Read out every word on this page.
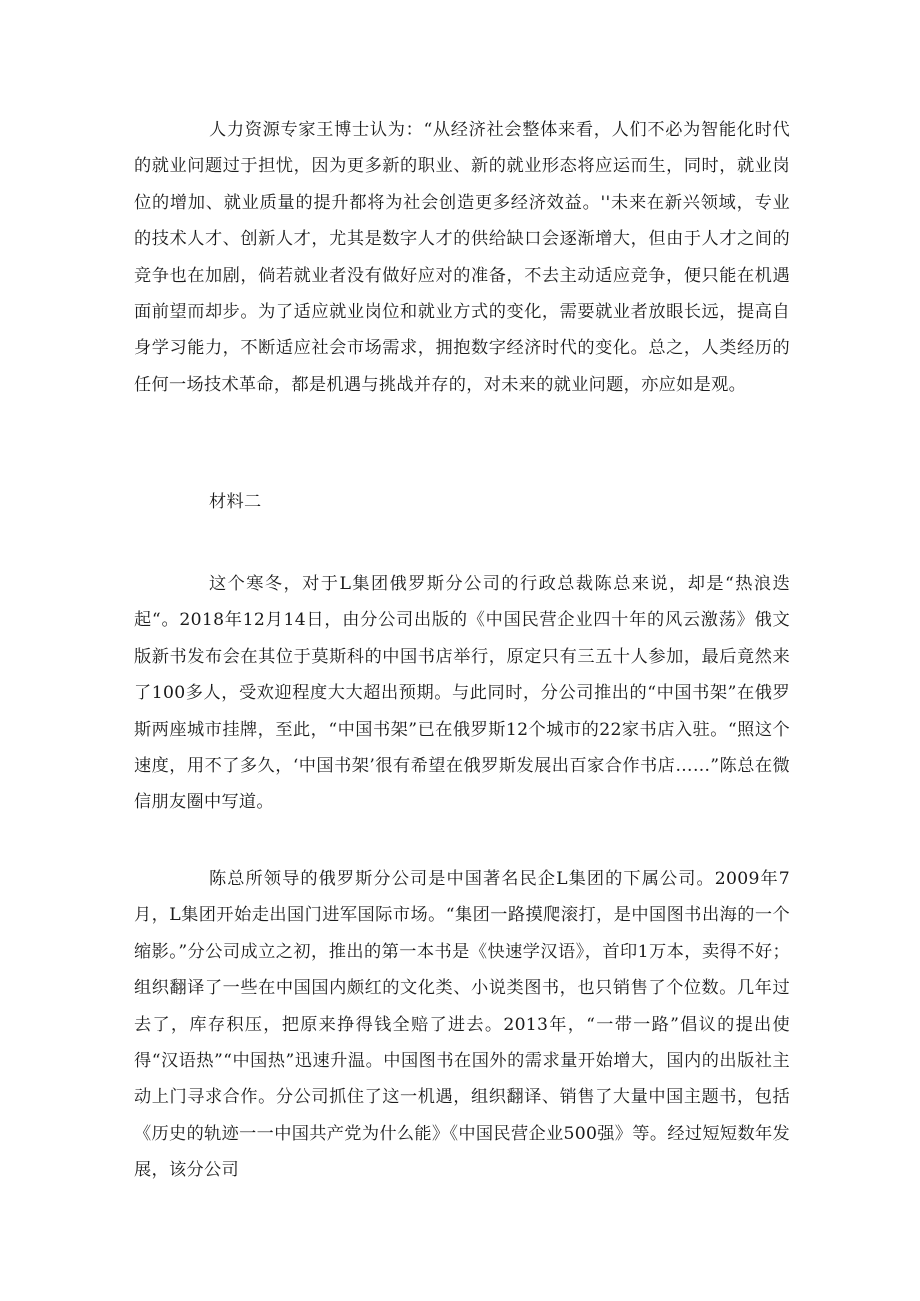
人力资源专家王博士认为：“从经济社会整体来看，人们不必为智能化时代的就业问题过于担忧，因为更多新的职业、新的就业形态将应运而生，同时，就业岗位的增加、就业质量的提升都将为社会创造更多经济效益。''未来在新兴领域，专业的技术人才、创新人才，尤其是数字人才的供给缺口会逐渐增大，但由于人才之间的竞争也在加剧，倘若就业者没有做好应对的准备，不去主动适应竞争，便只能在机遇面前望而却步。为了适应就业岗位和就业方式的变化，需要就业者放眼长远，提高自身学习能力，不断适应社会市场需求，拥抱数字经济时代的变化。总之，人类经历的任何一场技术革命，都是机遇与挑战并存的，对未来的就业问题，亦应如是观。

材料二

这个寒冬，对于L集团俄罗斯分公司的行政总裁陈总来说，却是“热浪迭起“。2018年12月14日，由分公司出版的《中国民营企业四十年的风云激荡》俄文版新书发布会在其位于莫斯科的中国书店举行，原定只有三五十人参加，最后竟然来了100多人，受欢迎程度大大超出预期。与此同时，分公司推出的“中国书架”在俄罗斯两座城市挂牌，至此，“中国书架”已在俄罗斯12个城市的22家书店入驻。“照这个速度，用不了多久，‘中国书架’很有希望在俄罗斯发展出百家合作书店……”陈总在微信朋友圈中写道。

陈总所领导的俄罗斯分公司是中国著名民企L集团的下属公司。2009年7月，L集团开始走出国门进军国际市场。“集团一路摸爬滚打，是中国图书出海的一个缩影。”分公司成立之初，推出的第一本书是《快速学汉语》，首印1万本，卖得不好；组织翻译了一些在中国国内颇红的文化类、小说类图书，也只销售了个位数。几年过去了，库存积压，把原来挣得钱全赔了进去。2013年，“一带一路”倡议的提出使得“汉语热”“中国热”迅速升温。中国图书在国外的需求量开始增大，国内的出版社主动上门寻求合作。分公司抓住了这一机遇，组织翻译、销售了大量中国主题书，包括《历史的轨迹一一中国共产党为什么能》《中国民营企业500强》等。经过短短数年发展，该分公司
